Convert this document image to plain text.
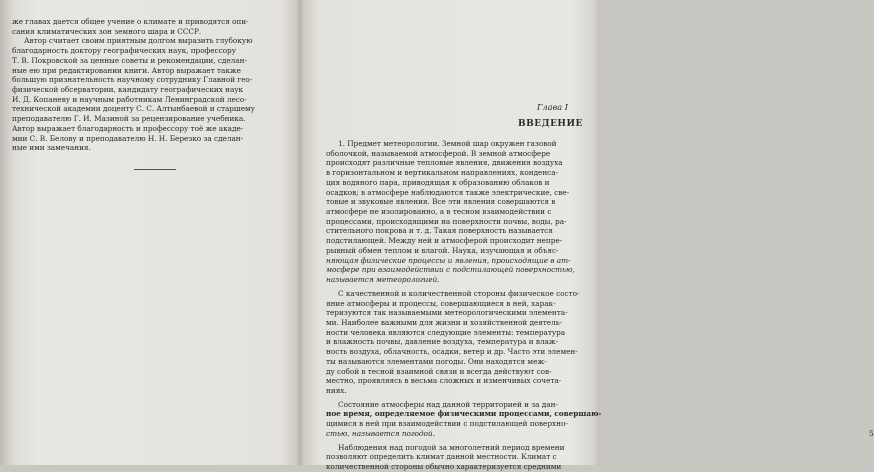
же главах дается общее учение о климате и приводятся опи-
сания климатических зон земного шара и СССР.
Автор считает своим приятным долгом выразить глубокую
благодарность доктору географических наук, профессору
Т. В. Покровской за ценные советы и рекомендации, сделан-
ные ею при редактировании книги. Автор выражает также
большую признательность научному сотруднику Главной гео-
физической обсерватории, кандидату географических наук
И. Д. Копаневу и научным работникам Ленинградской лесо-
технической академии доценту С. С. Алтынбаевой и старшему
преподавателю Г. И. Мазиной за рецензирование учебника.
Автор выражает благодарность и профессору тоё же акаде-
мии С. В. Белову и преподавателю Н. Н. Березко за сделан-
ные ими замечания.
Глава I
ВВЕДЕНИЕ
1. Предмет метеорологии. Земной шар окружен газовой
оболочкой, называемой атмосферой. В земной атмосфере
происходят различные тепловые явления, движения воздуха
в горизонтальном и вертикальном направлениях, конденса-
ция водяного пара, приводящая к образованию облаков и
осадков; в атмосфере наблюдаются также электрические, све-
товые и звуковые явления. Все эти явления совершаются в
атмосфере не изолированно, а в тесном взаимодействии с
процессами, происходящими на поверхности почвы, воды, ра-
стительного покрова и т. д. Такая поверхность называется
подстилающей. Между ней и атмосферой происходит непре-
рывный обмен теплом и влагой. Наука, изучающая и объяс-
няющая физические процессы и явления, происходящие в ат-
мосфере при взаимодействии с подстилающей поверхностью,
называется метеорологией.
С качественной и количественной стороны физическое состо-
яние атмосферы и процессы, совершающиеся в ней, харак-
теризуются так называемыми метеорологическими элемента-
ми. Наиболее важными для жизни и хозяйственной деятель-
ности человека являются следующие элементы: температура
и влажность почвы, давление воздуха, температура и влаж-
ность воздуха, облачность, осадки, ветер и др. Часто эти элемен-
ты называются элементами погоды. Они находятся меж-
ду собой в тесной взаимной связи и всегда действуют сов-
местно, проявляясь в весьма сложных и изменчивых сочета-
ниях.
Состояние атмосферы над данной территорией и за дан-
ное время, определяемое физическими процессами, совершаю-
щимися в ней при взаимодействии с подстилающей поверхно-
стью, называется погодой.
Наблюдения над погодой за многолетний период времени
позволяют определить климат данной местности. Климат с
количественной стороны обычно характеризуется средними
5
